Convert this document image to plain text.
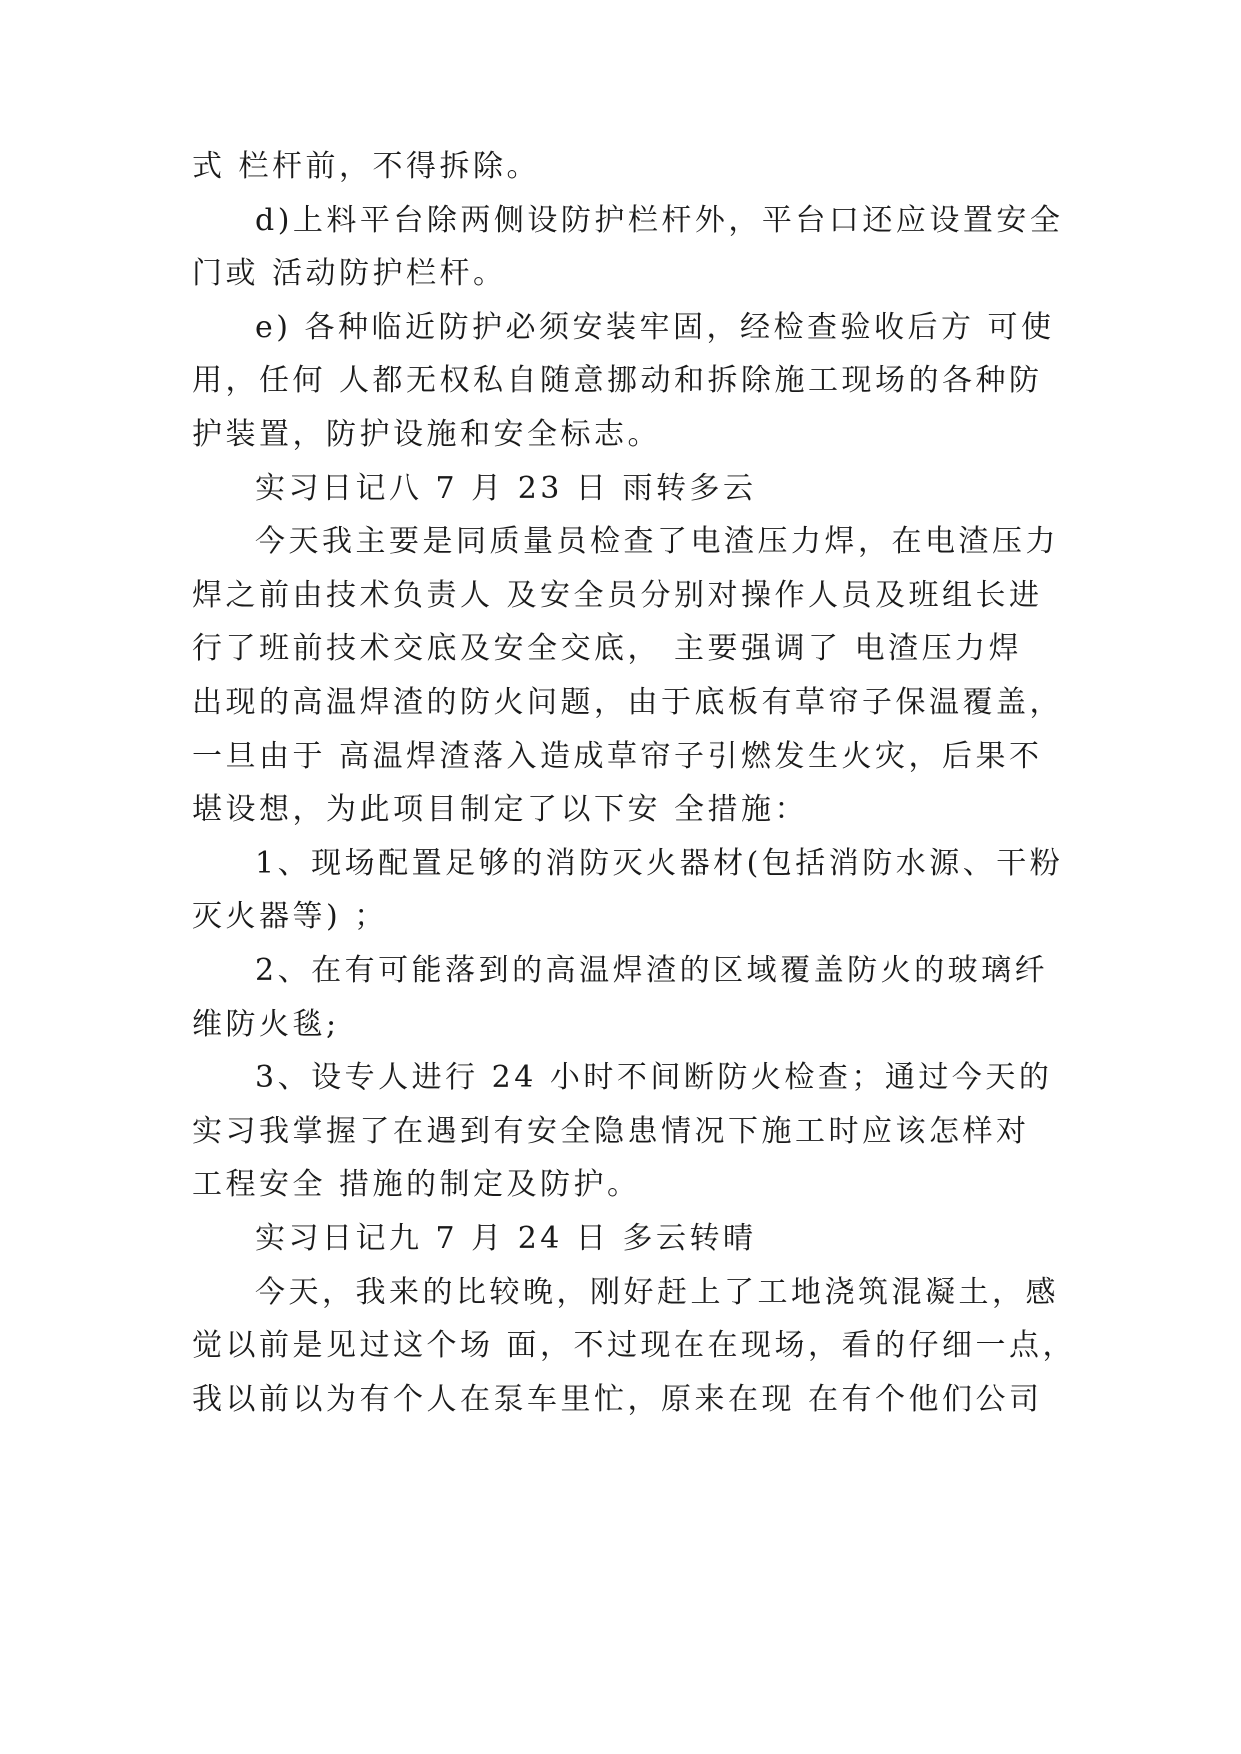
式 栏杆前，不得拆除。
d)上料平台除两侧设防护栏杆外，平台口还应设置安全
门或 活动防护栏杆。
e) 各种临近防护必须安装牢固，经检查验收后方 可使
用，任何 人都无权私自随意挪动和拆除施工现场的各种防
护装置，防护设施和安全标志。
实习日记八 7 月 23 日 雨转多云
今天我主要是同质量员检查了电渣压力焊，在电渣压力
焊之前由技术负责人 及安全员分别对操作人员及班组长进
行了班前技术交底及安全交底， 主要强调了 电渣压力焊
出现的高温焊渣的防火问题，由于底板有草帘子保温覆盖，
一旦由于 高温焊渣落入造成草帘子引燃发生火灾，后果不
堪设想，为此项目制定了以下安 全措施：
1、现场配置足够的消防灭火器材(包括消防水源、干粉
灭火器等) ；
2、在有可能落到的高温焊渣的区域覆盖防火的玻璃纤
维防火毯;
3、设专人进行 24 小时不间断防火检查；通过今天的
实习我掌握了在遇到有安全隐患情况下施工时应该怎样对
工程安全 措施的制定及防护。
实习日记九 7 月 24 日 多云转晴
今天，我来的比较晚，刚好赶上了工地浇筑混凝土，感
觉以前是见过这个场 面，不过现在在现场，看的仔细一点，
我以前以为有个人在泵车里忙，原来在现 在有个他们公司
